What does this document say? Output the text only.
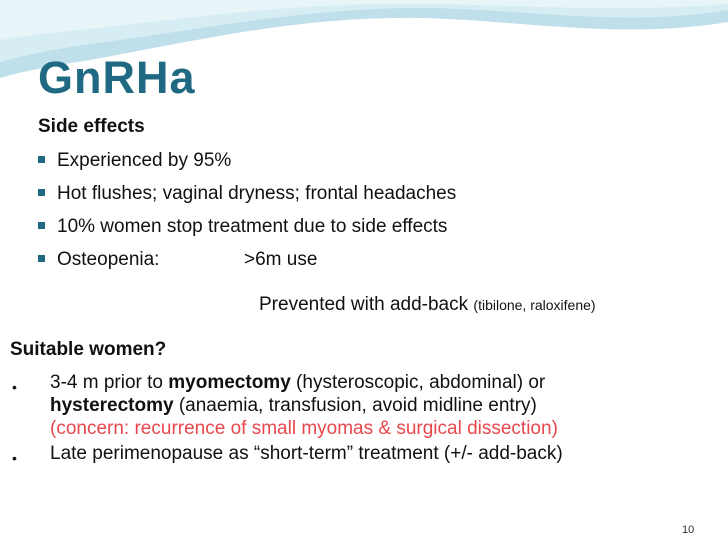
GnRHa
Side effects
Experienced by 95%
Hot flushes; vaginal dryness; frontal headaches
10% women stop treatment due to side effects
Osteopenia:	>6m use
Prevented with add-back (tibilone, raloxifene)
Suitable women?
•	3-4 m prior to myomectomy (hysteroscopic, abdominal) or
hysterectomy (anaemia, transfusion, avoid midline entry)
(concern: recurrence of small myomas & surgical dissection)
•	Late perimenopause as “short-term” treatment (+/- add-back)
10
